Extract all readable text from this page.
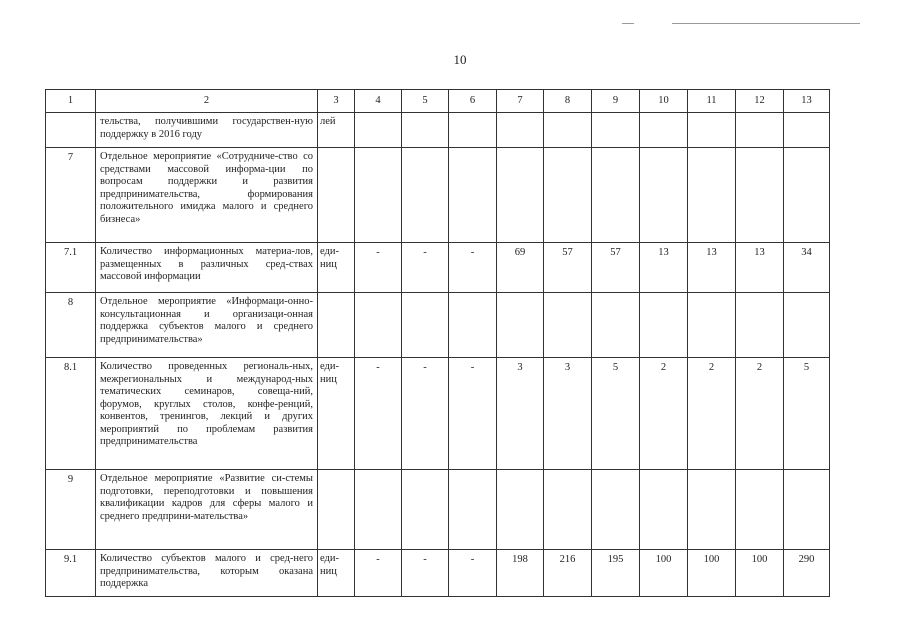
10
1	2	3	4	5	6	7	8	9	10	11	12	13
	тельства, получившими государствен-ную поддержку в 2016 году	лей										
7	Отдельное мероприятие «Сотрудниче-ство со средствами массовой информа-ции по вопросам поддержки и развития предпринимательства, формирования положительного имиджа малого и среднего бизнеса»											
7.1	Количество информационных материа-лов, размещенных в различных сред-ствах массовой информации	еди-ниц	-	-	-	69	57	57	13	13	13	34
8	Отдельное мероприятие «Информаци-онно-консультационная и организаци-онная поддержка субъектов малого и среднего предпринимательства»											
8.1	Количество проведенных региональ-ных, межрегиональных и международ-ных тематических семинаров, совеща-ний, форумов, круглых столов, конфе-ренций, конвентов, тренингов, лекций и других мероприятий по проблемам развития предпринимательства	еди-ниц	-	-	-	3	3	5	2	2	2	5
9	Отдельное мероприятие «Развитие си-стемы подготовки, переподготовки и повышения квалификации кадров для сферы малого и среднего предприни-мательства»											
9.1	Количество субъектов малого и сред-него предпринимательства, которым оказана поддержка	еди-ниц	-	-	-	198	216	195	100	100	100	290
